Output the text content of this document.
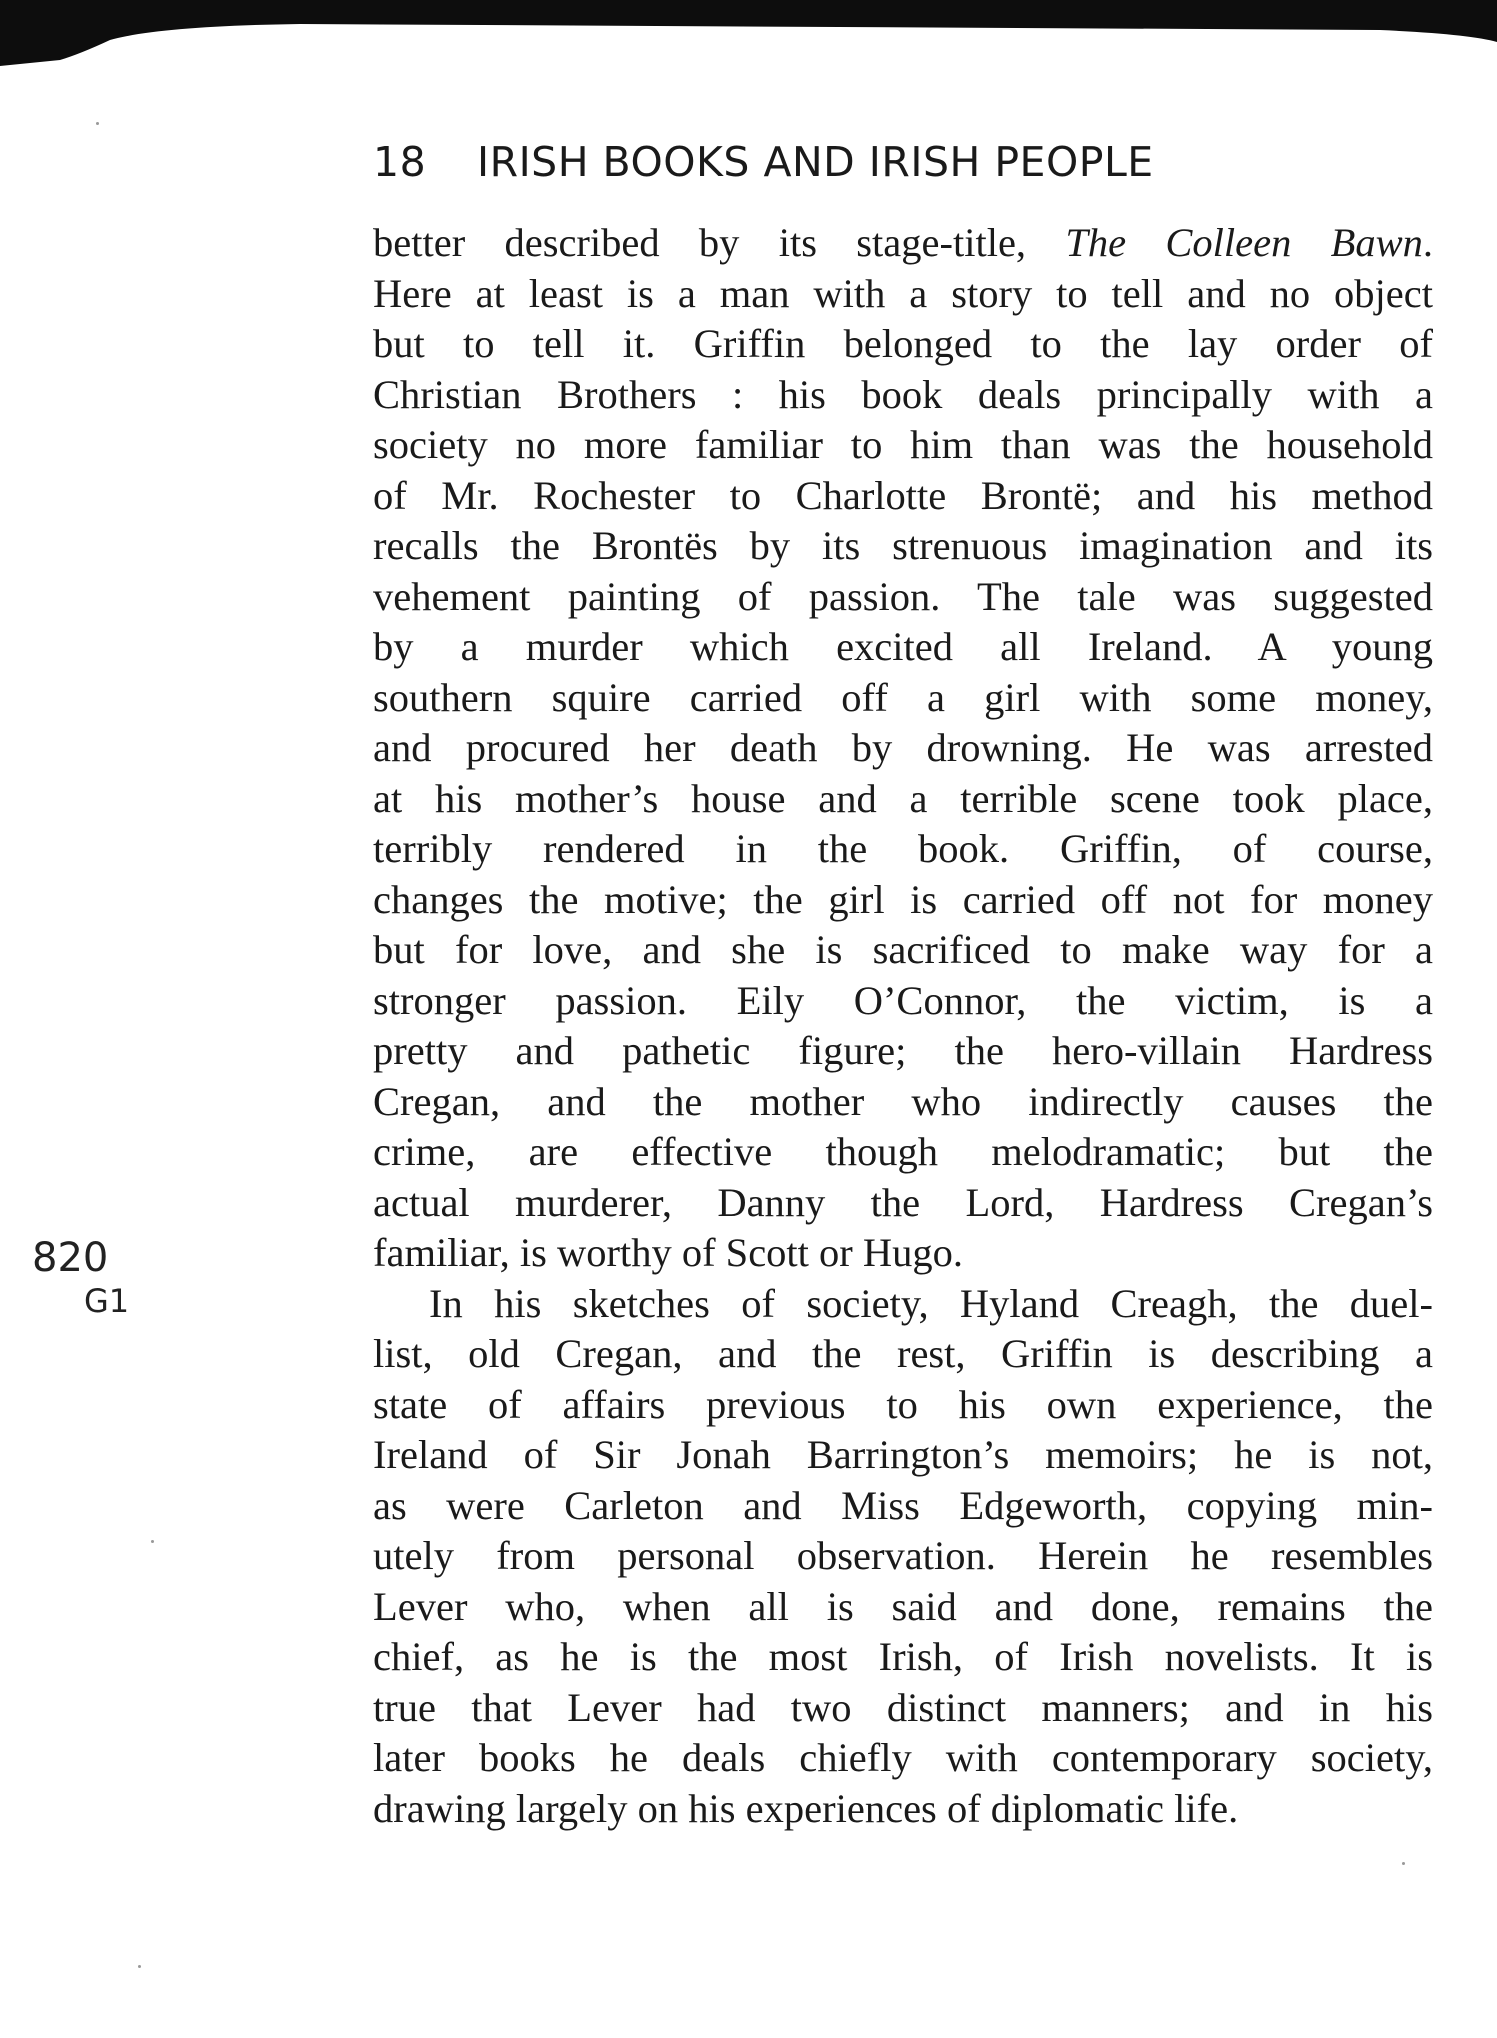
18 IRISH BOOKS AND IRISH PEOPLE
better described by its stage-title, The Colleen Bawn.
Here at least is a man with a story to tell and no object
but to tell it. Griffin belonged to the lay order of
Christian Brothers : his book deals principally with a
society no more familiar to him than was the household
of Mr. Rochester to Charlotte Brontë; and his method
recalls the Brontës by its strenuous imagination and its
vehement painting of passion. The tale was suggested
by a murder which excited all Ireland. A young
southern squire carried off a girl with some money,
and procured her death by drowning. He was arrested
at his mother’s house and a terrible scene took place,
terribly rendered in the book. Griffin, of course,
changes the motive; the girl is carried off not for money
but for love, and she is sacrificed to make way for a
stronger passion. Eily O’Connor, the victim, is a
pretty and pathetic figure; the hero-villain Hardress
Cregan, and the mother who indirectly causes the
crime, are effective though melodramatic; but the
actual murderer, Danny the Lord, Hardress Cregan’s
familiar, is worthy of Scott or Hugo.
In his sketches of society, Hyland Creagh, the duel-
list, old Cregan, and the rest, Griffin is describing a
state of affairs previous to his own experience, the
Ireland of Sir Jonah Barrington’s memoirs; he is not,
as were Carleton and Miss Edgeworth, copying min-
utely from personal observation. Herein he resembles
Lever who, when all is said and done, remains the
chief, as he is the most Irish, of Irish novelists. It is
true that Lever had two distinct manners; and in his
later books he deals chiefly with contemporary society,
drawing largely on his experiences of diplomatic life.
820
G1
